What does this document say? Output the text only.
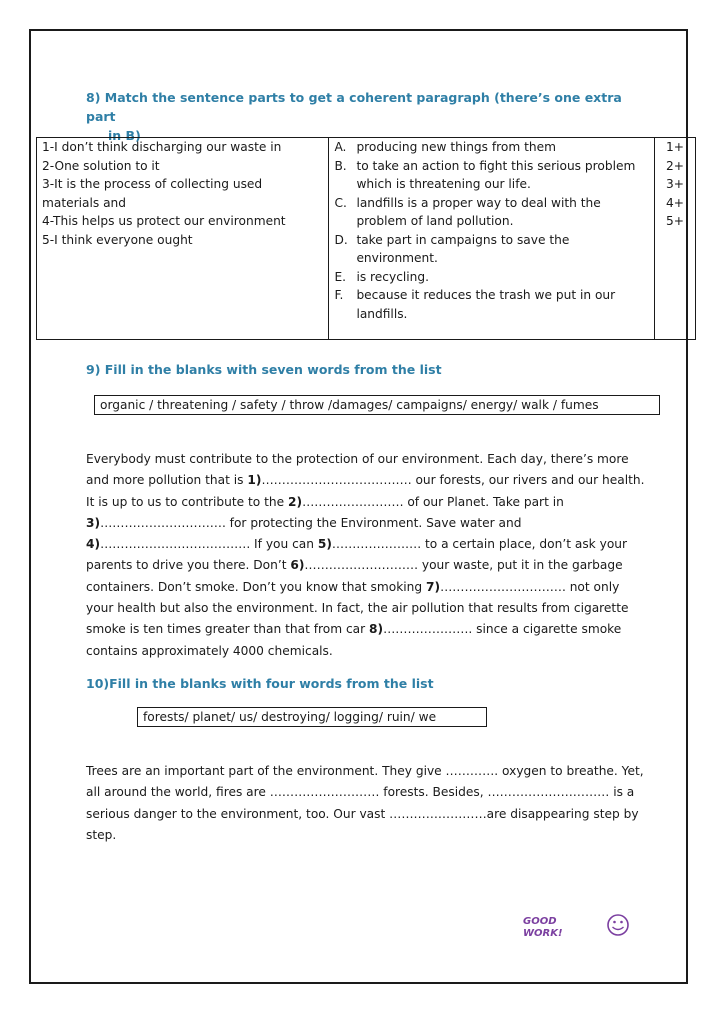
8) Match the sentence parts to get a coherent paragraph (there’s one extra part
in B)
1-I don’t think discharging our waste in
2-One solution to it
3-It is the process of collecting used
materials and
4-This helps us protect our environment
5-I think everyone ought

A. producing new things from them
B. to take an action to fight this serious problem
which is threatening our life.
C. landfills is a proper way to deal with the
problem of land pollution.
D. take part in campaigns to save the
environment.
E. is recycling.
F.	because it reduces the trash we put in our
landfills.

1+
2+
3+
4+
5+
9) Fill in the blanks with seven words from the list
organic / threatening / safety / throw /damages/ campaigns/ energy/ walk / fumes
Everybody must contribute to the protection of our environment. Each day, there’s more and more pollution that is 1)………………………………. our forests, our rivers and our health. It is up to us to contribute to the 2)……………………. of our Planet. Take part in 3)…………………………. for protecting the Environment. Save water and 4)………………………………. If you can 5)…………………. to a certain place, don’t ask your parents to drive you there. Don’t 6)………………………. your waste, put it in the garbage containers. Don’t smoke. Don’t you know that smoking 7)…………………………. not only your health but also the environment. In fact, the air pollution that results from cigarette smoke is ten times greater than that from car 8)…………………. since a cigarette smoke contains approximately 4000 chemicals.
10)Fill in the blanks with four words from the list
forests/ planet/ us/ destroying/ logging/ ruin/ we
Trees are an important part of the environment. They give …………. oxygen to breathe. Yet, all around the world, fires are ……………………… forests. Besides, ………………………… is a serious danger to the environment, too. Our vast ……………………are disappearing step by step.
GOOD
WORK!
